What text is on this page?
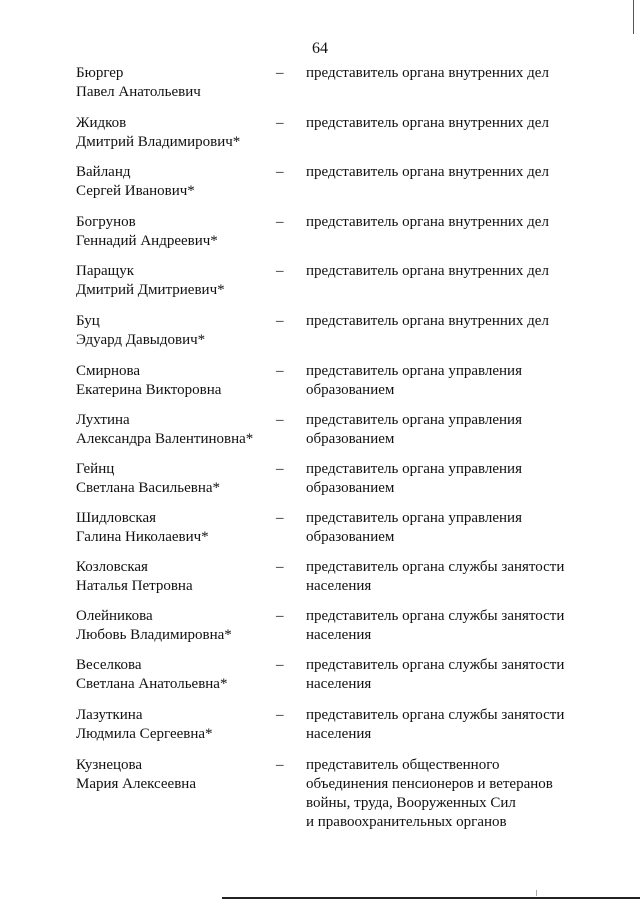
64
Бюргер
Павел Анатольевич
– представитель органа внутренних дел
Жидков
Дмитрий Владимирович*
– представитель органа внутренних дел
Вайланд
Сергей Иванович*
– представитель органа внутренних дел
Богрунов
Геннадий Андреевич*
– представитель органа внутренних дел
Паращук
Дмитрий Дмитриевич*
– представитель органа внутренних дел
Буц
Эдуард Давыдович*
– представитель органа внутренних дел
Смирнова
Екатерина Викторовна
– представитель органа управления
образованием
Лухтина
Александра Валентиновна*
– представитель органа управления
образованием
Гейнц
Светлана Васильевна*
– представитель органа управления
образованием
Шидловская
Галина Николаевич*
– представитель органа управления
образованием
Козловская
Наталья Петровна
– представитель органа службы занятости
населения
Олейникова
Любовь Владимировна*
– представитель органа службы занятости
населения
Веселкова
Светлана Анатольевна*
– представитель органа службы занятости
населения
Лазуткина
Людмила Сергеевна*
– представитель органа службы занятости
населения
Кузнецова
Мария Алексеевна
– представитель общественного
объединения пенсионеров и ветеранов
войны, труда, Вооруженных Сил
и правоохранительных органов
